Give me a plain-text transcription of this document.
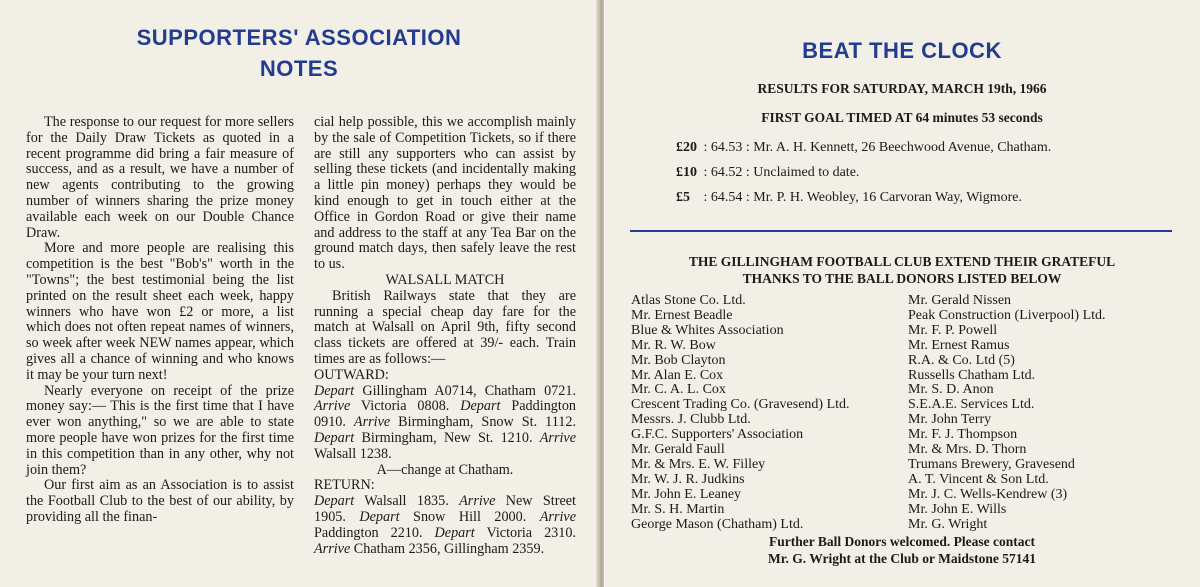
SUPPORTERS' ASSOCIATION
NOTES

The response to our request for more sellers for the Daily Draw Tickets as quoted in a recent programme did bring a fair measure of success, and as a result, we have a number of new agents contributing to the growing number of winners sharing the prize money available each week on our Double Chance Draw.

More and more people are realising this competition is the best "Bob's" worth in the "Towns"; the best testimonial being the list printed on the result sheet each week, happy winners who have won £2 or more, a list which does not often repeat names of winners, so week after week NEW names appear, which gives all a chance of winning and who knows it may be your turn next!

Nearly everyone on receipt of the prize money say:— This is the first time that I have ever won anything," so we are able to state more people have won prizes for the first time in this competition than in any other, why not join them?

Our first aim as an Association is to assist the Football Club to the best of our ability, by providing all the finan-

cial help possible, this we accomplish mainly by the sale of Competition Tickets, so if there are still any supporters who can assist by selling these tickets (and incidentally making a little pin money) perhaps they would be kind enough to get in touch either at the Office in Gordon Road or give their name and address to the staff at any Tea Bar on the ground match days, then safely leave the rest to us.

WALSALL MATCH

British Railways state that they are running a special cheap day fare for the match at Walsall on April 9th, fifty second class tickets are offered at 39/- each. Train times are as follows:—

OUTWARD:

Depart Gillingham A0714, Chatham 0721. Arrive Victoria 0808. Depart Paddington 0910. Arrive Birmingham, Snow St. 1112. Depart Birmingham, New St. 1210. Arrive Walsall 1238.

A—change at Chatham.

RETURN:

Depart Walsall 1835. Arrive New Street 1905. Depart Snow Hill 2000. Arrive Paddington 2210. Depart Victoria 2310. Arrive Chatham 2356, Gillingham 2359.

BEAT THE CLOCK

RESULTS FOR SATURDAY, MARCH 19th, 1966

FIRST GOAL TIMED AT 64 minutes 53 seconds

£20 : 64.53 : Mr. A. H. Kennett, 26 Beechwood Avenue, Chatham.
£10 : 64.52 : Unclaimed to date.
£5 : 64.54 : Mr. P. H. Weobley, 16 Carvoran Way, Wigmore.

THE GILLINGHAM FOOTBALL CLUB EXTEND THEIR GRATEFUL
THANKS TO THE BALL DONORS LISTED BELOW

Atlas Stone Co. Ltd.
Mr. Ernest Beadle
Blue & Whites Association
Mr. R. W. Bow
Mr. Bob Clayton
Mr. Alan E. Cox
Mr. C. A. L. Cox
Crescent Trading Co. (Gravesend) Ltd.
Messrs. J. Clubb Ltd.
G.F.C. Supporters' Association
Mr. Gerald Faull
Mr. & Mrs. E. W. Filley
Mr. W. J. R. Judkins
Mr. John E. Leaney
Mr. S. H. Martin
George Mason (Chatham) Ltd.
Mr. Gerald Nissen
Peak Construction (Liverpool) Ltd.
Mr. F. P. Powell
Mr. Ernest Ramus
R.A. & Co. Ltd (5)
Russells Chatham Ltd.
Mr. S. D. Anon
S.E.A.E. Services Ltd.
Mr. John Terry
Mr. F. J. Thompson
Mr. & Mrs. D. Thorn
Trumans Brewery, Gravesend
A. T. Vincent & Son Ltd.
Mr. J. C. Wells-Kendrew (3)
Mr. John E. Wills
Mr. G. Wright

Further Ball Donors welcomed. Please contact
Mr. G. Wright at the Club or Maidstone 57141
